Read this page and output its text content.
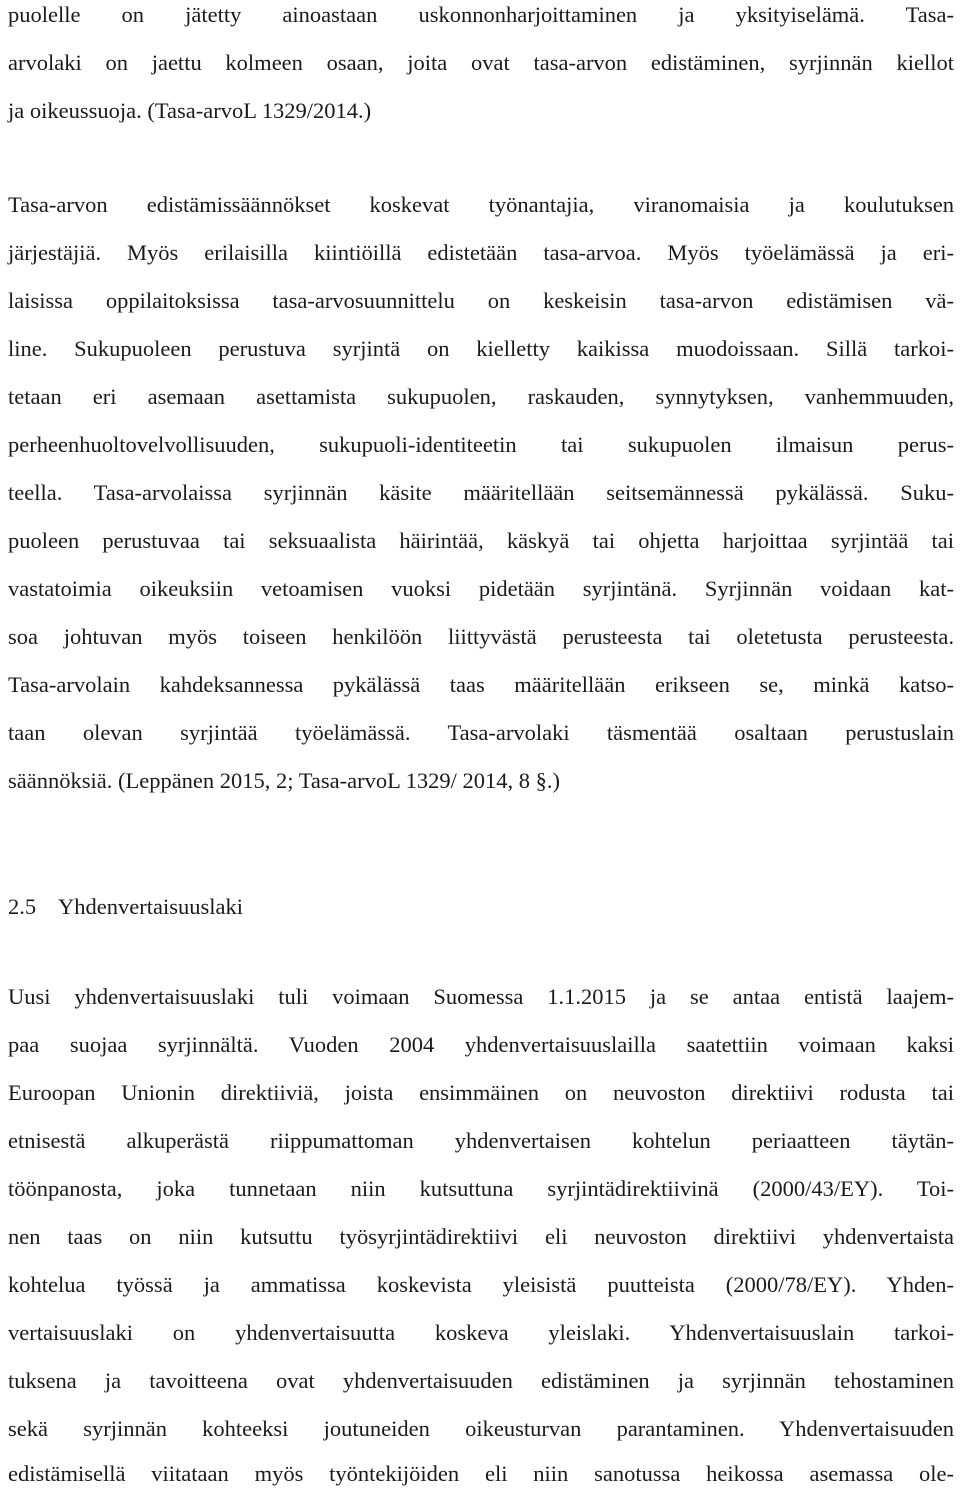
puolelle on jätetty ainoastaan uskonnonharjoittaminen ja yksityiselämä. Tasa-
arvolaki on jaettu kolmeen osaan, joita ovat tasa-arvon edistäminen, syrjinnän kiellot
ja oikeussuoja. (Tasa-arvoL 1329/2014.)
Tasa-arvon edistämissäännökset koskevat työnantajia, viranomaisia ja koulutuksen
järjestäjiä. Myös erilaisilla kiintiöillä edistetään tasa-arvoa. Myös työelämässä ja eri-
laisissa oppilaitoksissa tasa-arvosuunnittelu on keskeisin tasa-arvon edistämisen vä-
line. Sukupuoleen perustuva syrjintä on kielletty kaikissa muodoissaan. Sillä tarkoi-
tetaan eri asemaan asettamista sukupuolen, raskauden, synnytyksen, vanhemmuuden,
perheenhuoltovelvollisuuden, sukupuoli-identiteetin tai sukupuolen ilmaisun perus-
teella. Tasa-arvolaissa syrjinnän käsite määritellään seitsemännessä pykälässä. Suku-
puoleen perustuvaa tai seksuaalista häirintää, käskyä tai ohjetta harjoittaa syrjintää tai
vastatoimia oikeuksiin vetoamisen vuoksi pidetään syrjintänä. Syrjinnän voidaan kat-
soa johtuvan myös toiseen henkilöön liittyvästä perusteesta tai oletetusta perusteesta.
Tasa-arvolain kahdeksannessa pykälässä taas määritellään erikseen se, minkä katso-
taan olevan syrjintää työelämässä. Tasa-arvolaki täsmentää osaltaan perustuslain
säännöksiä. (Leppänen 2015, 2; Tasa-arvoL 1329/ 2014, 8 §.)
2.5 Yhdenvertaisuuslaki
Uusi yhdenvertaisuuslaki tuli voimaan Suomessa 1.1.2015 ja se antaa entistä laajem-
paa suojaa syrjinnältä. Vuoden 2004 yhdenvertaisuuslailla saatettiin voimaan kaksi
Euroopan Unionin direktiiviä, joista ensimmäinen on neuvoston direktiivi rodusta tai
etnisestä alkuperästä riippumattoman yhdenvertaisen kohtelun periaatteen täytän-
töönpanosta, joka tunnetaan niin kutsuttuna syrjintädirektiivinä (2000/43/EY). Toi-
nen taas on niin kutsuttu työsyrjintädirektiivi eli neuvoston direktiivi yhdenvertaista
kohtelua työssä ja ammatissa koskevista yleisistä puutteista (2000/78/EY). Yhden-
vertaisuuslaki on yhdenvertaisuutta koskeva yleislaki. Yhdenvertaisuuslain tarkoi-
tuksena ja tavoitteena ovat yhdenvertaisuuden edistäminen ja syrjinnän tehostaminen
sekä syrjinnän kohteeksi joutuneiden oikeusturvan parantaminen. Yhdenvertaisuuden
edistämisellä viitataan myös työntekijöiden eli niin sanotussa heikossa asemassa ole-
